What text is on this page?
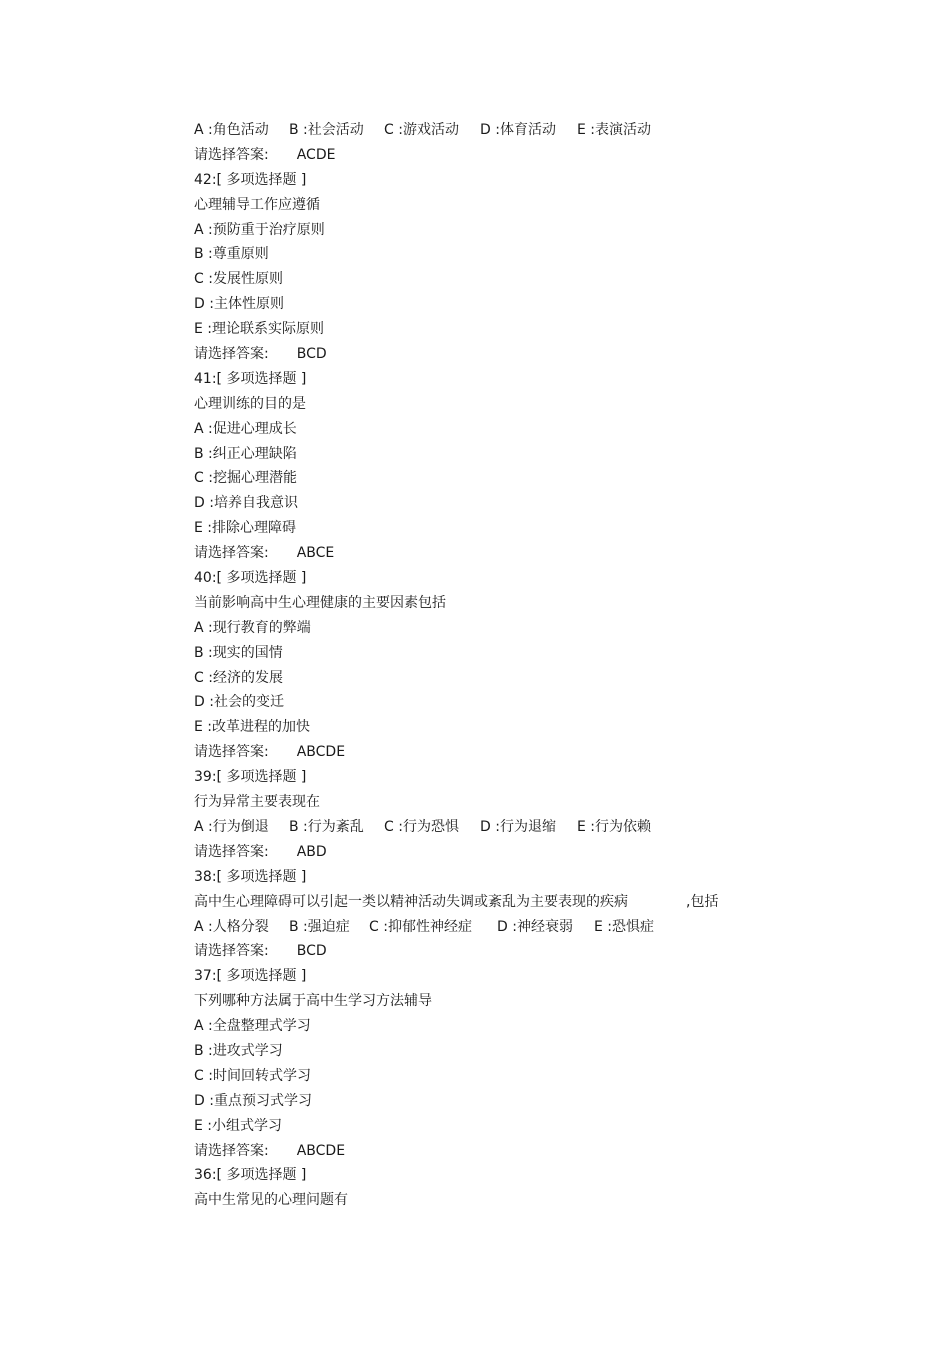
A :角色活动 B :社会活动 C :游戏活动 D :体育活动 E :表演活动
请选择答案: ACDE
42:[ 多项选择题 ]
心理辅导工作应遵循
A :预防重于治疗原则
B :尊重原则
C :发展性原则
D :主体性原则
E :理论联系实际原则
请选择答案: BCD
41:[ 多项选择题 ]
心理训练的目的是
A :促进心理成长
B :纠正心理缺陷
C :挖掘心理潜能
D :培养自我意识
E :排除心理障碍
请选择答案: ABCE
40:[ 多项选择题 ]
当前影响高中生心理健康的主要因素包括
A :现行教育的弊端
B :现实的国情
C :经济的发展
D :社会的变迁
E :改革进程的加快
请选择答案: ABCDE
39:[ 多项选择题 ]
行为异常主要表现在
A :行为倒退 B :行为紊乱 C :行为恐惧 D :行为退缩 E :行为依赖
请选择答案: ABD
38:[ 多项选择题 ]
高中生心理障碍可以引起一类以精神活动失调或紊乱为主要表现的疾病	,包括
A :人格分裂 B :强迫症 C :抑郁性神经症 D :神经衰弱 E :恐惧症
请选择答案: BCD
37:[ 多项选择题 ]
下列哪种方法属于高中生学习方法辅导
A :全盘整理式学习
B :进攻式学习
C :时间回转式学习
D :重点预习式学习
E :小组式学习
请选择答案: ABCDE
36:[ 多项选择题 ]
高中生常见的心理问题有
